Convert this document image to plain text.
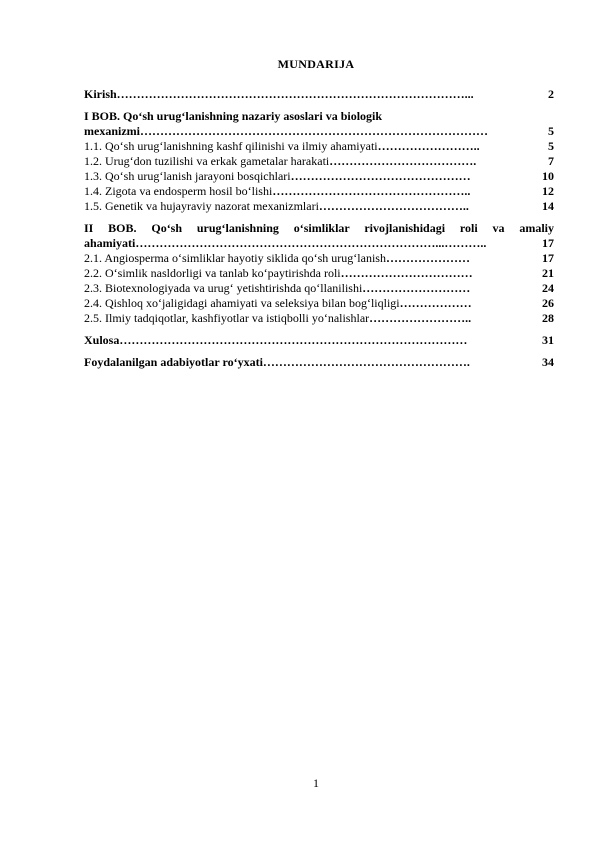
MUNDARIJA
Kirish ……………………………………………………………………………...	2
I BOB. Qo‘sh urug‘lanishning nazariy asoslari va biologik
mexanizmi ……………………………………………………………………………	5
1.1. Qo‘sh urug‘lanishning kashf qilinishi va ilmiy ahamiyati ……………………..	5
1.2. Urug‘don tuzilishi va erkak gametalar harakati ……………………………….	7
1.3. Qo‘sh urug‘lanish jarayoni bosqichlari ………………………………………	10
1.4. Zigota va endosperm hosil bo‘lishi …………………………………………..	12
1.5. Genetik va hujayraviy nazorat mexanizmlari ………………………………..	14
II BOB. Qo‘sh urug‘lanishning o‘simliklar rivojlanishidagi roli va amaliy
ahamiyati …………………………………………………………………...………..	17
2.1. Angiosperma o‘simliklar hayotiy siklida qo‘sh urug‘lanish …………………	17
2.2. O‘simlik nasldorligi va tanlab ko‘paytirishda roli ……………………………	21
2.3. Biotexnologiyada va urug‘ yetishtirishda qo‘llanilishi ………………………	24
2.4. Qishloq xo‘jaligidagi ahamiyati va seleksiya bilan bog‘liqligi ………………	26
2.5. Ilmiy tadqiqotlar, kashfiyotlar va istiqbolli yo‘nalishlar ……………………..	28
Xulosa ……………………………………………………………………………	31
Foydalanilgan adabiyotlar ro‘yxati …………………………………………….	34
1
